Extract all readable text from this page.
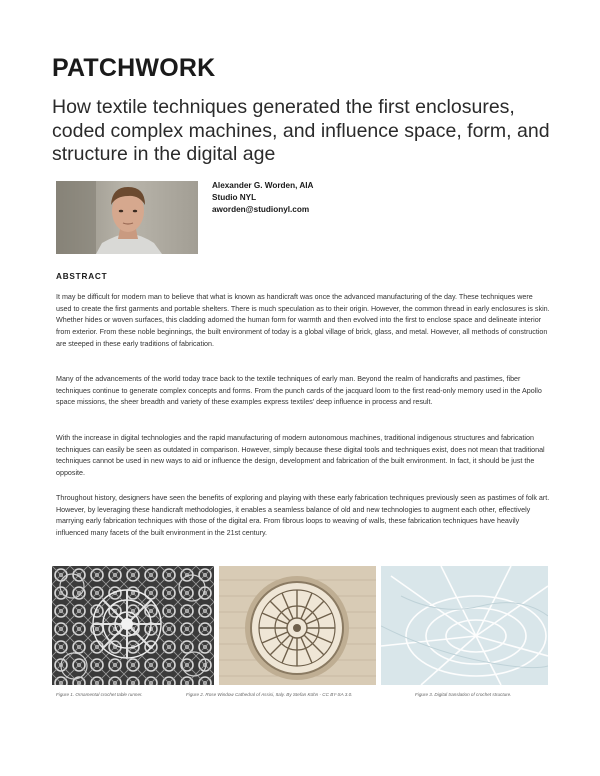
PATCHWORK
How textile techniques generated the first enclosures, coded complex machines, and influence space, form, and structure in the digital age
Alexander G. Worden, AIA
Studio NYL
aworden@studionyl.com
ABSTRACT

It may be difficult for modern man to believe that what is known as handicraft was once the advanced manufacturing of the day. These techniques were used to create the first garments and portable shelters. There is much speculation as to their origin. However, the common thread in early enclosures is skin. Whether hides or woven surfaces, this cladding adorned the human form for warmth and then evolved into the first to enclose space and delineate interior from exterior. From these noble beginnings, the built environment of today is a global village of brick, glass, and metal. However, all methods of construction are steeped in these early traditions of fabrication.

Many of the advancements of the world today trace back to the textile techniques of early man. Beyond the realm of handicrafts and pastimes, fiber techniques continue to generate complex concepts and forms. From the punch cards of the jacquard loom to the first read-only memory used in the Apollo space missions, the sheer breadth and variety of these examples express textiles' deep influence in process and result.

With the increase in digital technologies and the rapid manufacturing of modern autonomous machines, traditional indigenous structures and fabrication techniques can easily be seen as outdated in comparison. However, simply because these digital tools and techniques exist, does not mean that traditional techniques cannot be used in new ways to aid or influence the design, development and fabrication of the built environment. In fact, it should be just the opposite.

Throughout history, designers have seen the benefits of exploring and playing with these early fabrication techniques previously seen as pastimes of folk art. However, by leveraging these handicraft methodologies, it enables a seamless balance of old and new technologies to augment each other, effectively marrying early fabrication techniques with those of the digital era. From fibrous loops to weaving of walls, these fabrication techniques have heavily influenced many facets of the built environment in the 21st century.

Figure 1. Ornamental crochet table runner.	Figure 2. Rose Window Cathedral of Assisi, Italy. By Stefan Kühn - CC BY-SA 3.0.	Figure 3. Digital translation of crochet structure.
